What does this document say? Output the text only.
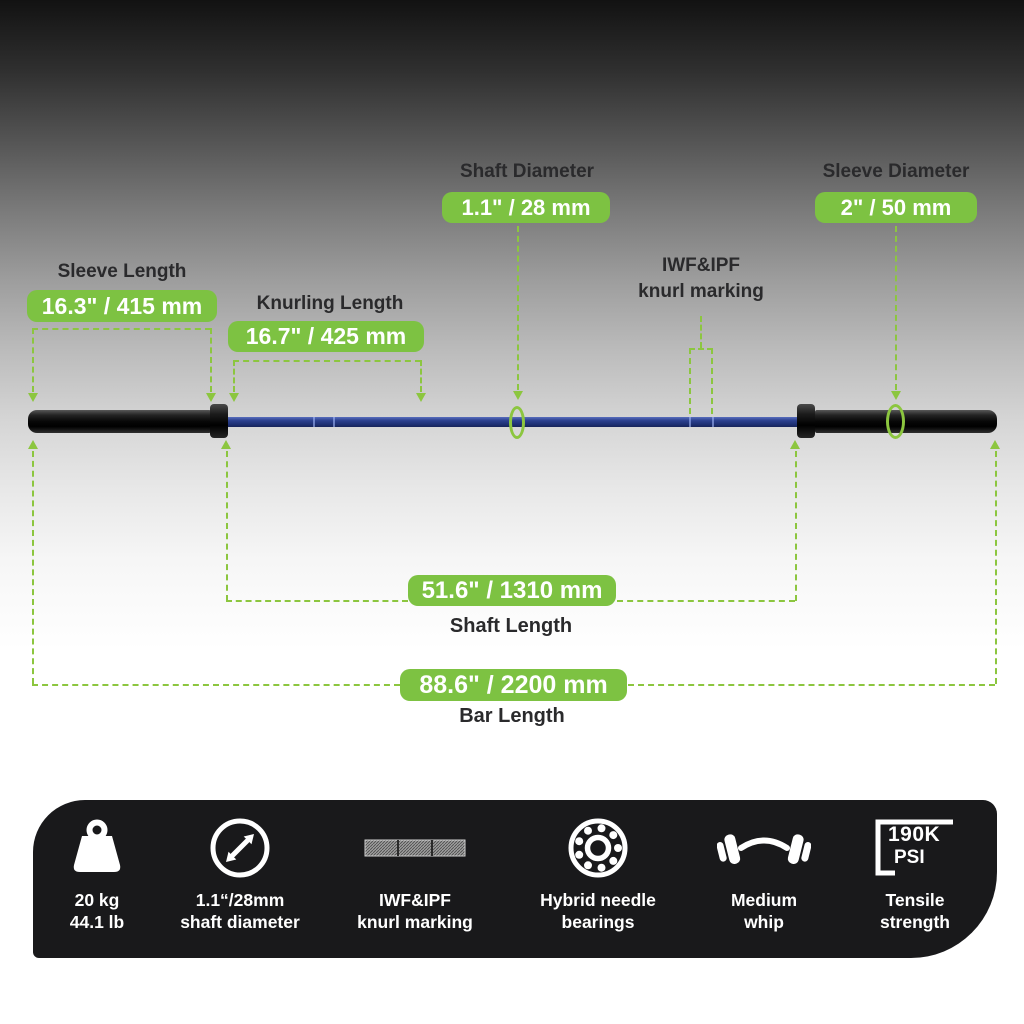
Shaft Diameter
1.1" / 28 mm
Sleeve Diameter
2" / 50 mm
Sleeve Length
16.3" / 415 mm	Knurling Length
16.7" / 425 mm
IWF&IPF
knurl marking
51.6" / 1310 mm
Shaft Length
88.6" / 2200 mm
Bar Length
20 kg
44.1 lb
1.1“/28mm
shaft diameter
IWF&IPF
knurl marking
Hybrid needle
bearings
Medium
whip
190K
PSI
Tensile
strength
